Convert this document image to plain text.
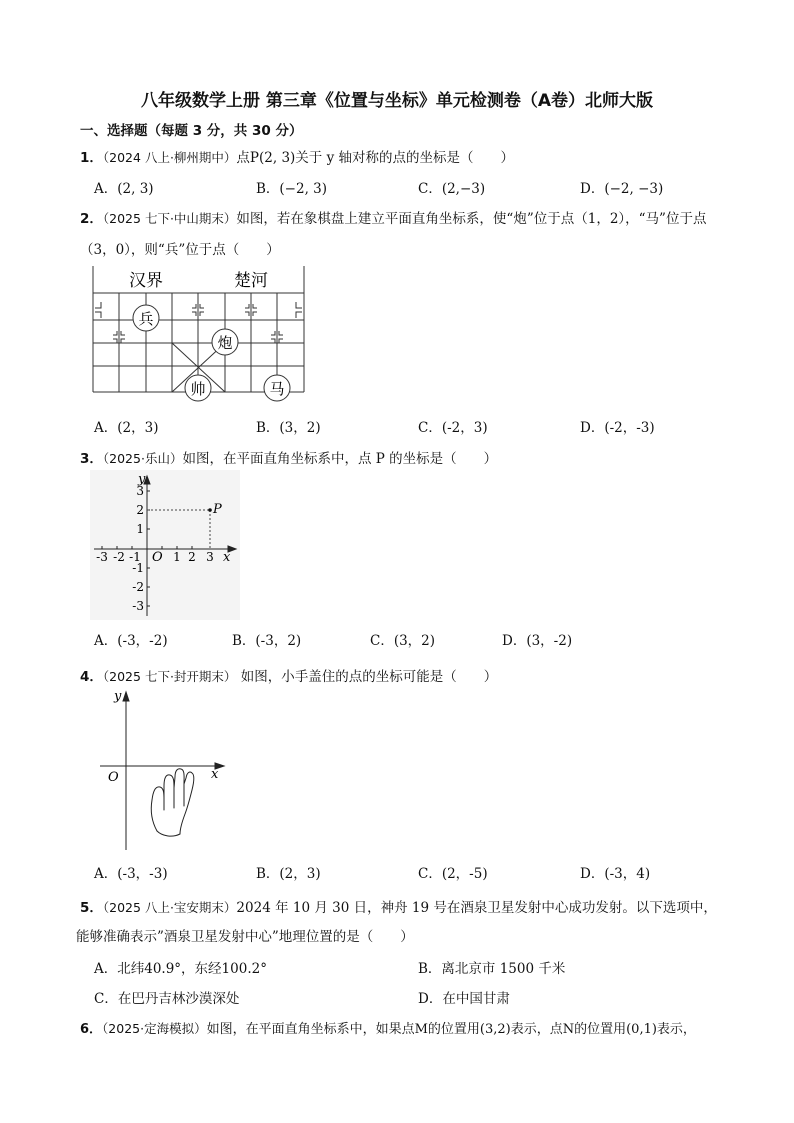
八年级数学上册 第三章《位置与坐标》单元检测卷（A卷）北师大版
一、选择题（每题 3 分，共 30 分）
1．（2024 八上·柳州期中）点P(2, 3)关于 y 轴对称的点的坐标是（　　）
A．(2, 3)	B．(−2, 3)	C．(2,−3)	D．(−2, −3)
2．（2025 七下·中山期末）如图，若在象棋盘上建立平面直角坐标系，使“炮”位于点（1，2），“马”位于点
（3，0），则“兵”位于点（　　）
汉界	楚河
兵
炮
帅	马
A．(2，3)	B．(3，2)	C．(-2，3)	D．(-2，-3)
3．（2025·乐山）如图，在平面直角坐标系中，点 P 的坐标是（　　）
P
-3 -2 -1	1 2 3
3
2
1
-1
-2
-3
O	x
y
A．(-3，-2)	B．(-3，2)	C．(3，2)	D．(3，-2)
4．（2025 七下·封开期末） 如图，小手盖住的点的坐标可能是（　　）
y
O	x
A．(-3，-3)	B．(2，3)	C．(2，-5)	D．(-3，4)
5．（2025 八上·宝安期末）2024 年 10 月 30 日，神舟 19 号在酒泉卫星发射中心成功发射。以下选项中，
能够准确表示”酒泉卫星发射中心”地理位置的是（　　）
A．北纬40.9°，东经100.2°	B．离北京市 1500 千米
C．在巴丹吉林沙漠深处	D．在中国甘肃
6．（2025·定海模拟）如图，在平面直角坐标系中，如果点M的位置用(3,2)表示，点N的位置用(0,1)表示，
